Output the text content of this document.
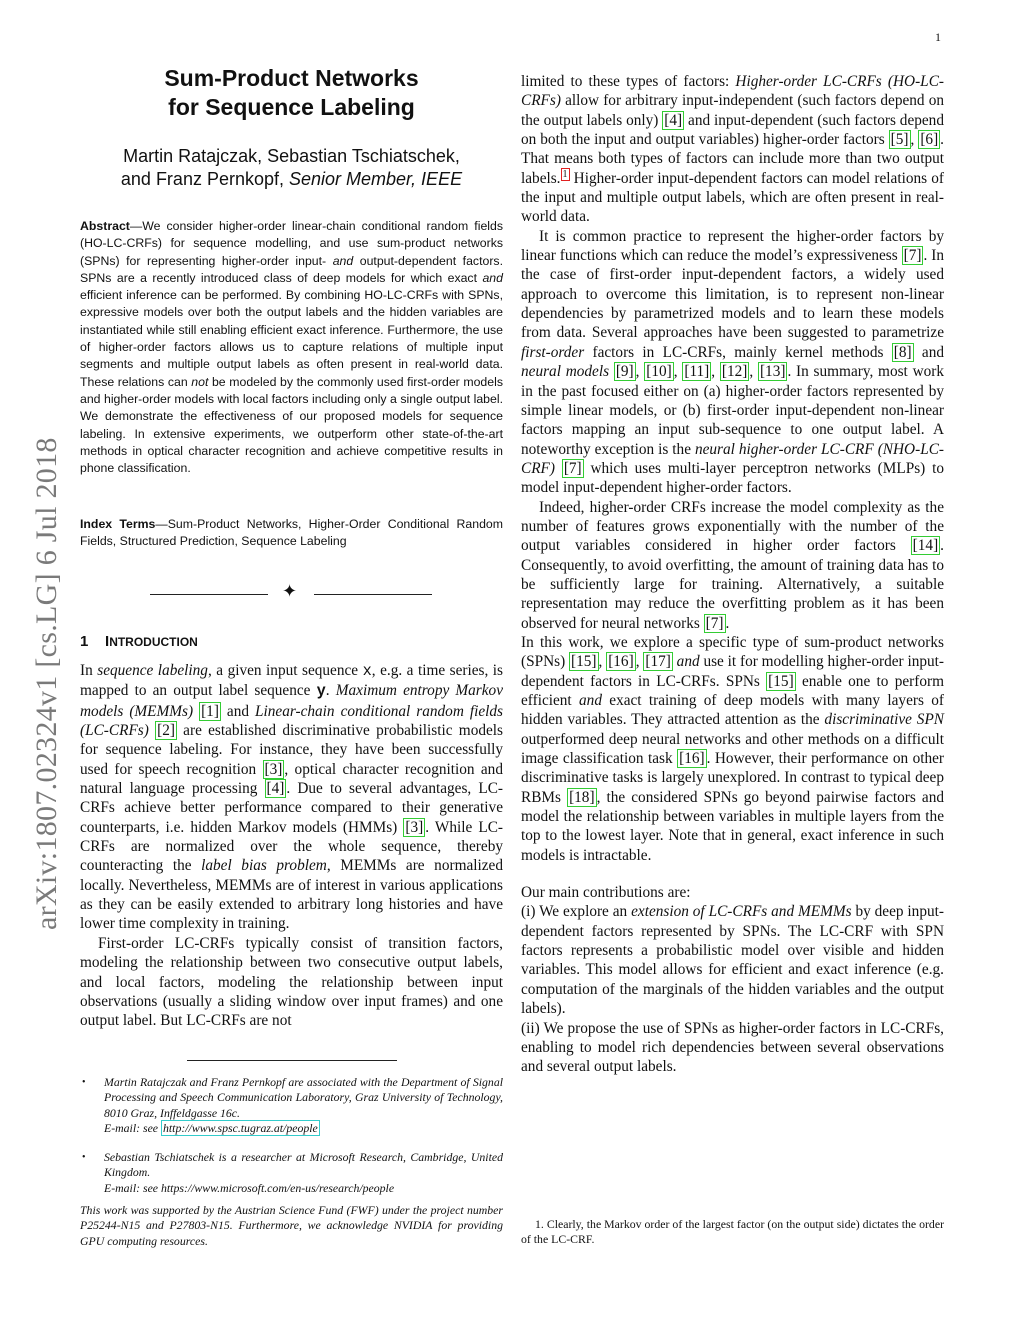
1
arXiv:1807.02324v1 [cs.LG] 6 Jul 2018
Sum-Product Networks
for Sequence Labeling
Martin Ratajczak, Sebastian Tschiatschek,
and Franz Pernkopf, Senior Member, IEEE
Abstract—We consider higher-order linear-chain conditional random fields (HO-LC-CRFs) for sequence modelling, and use sum-product networks (SPNs) for representing higher-order input- and output-dependent factors. SPNs are a recently introduced class of deep models for which exact and efficient inference can be performed. By combining HO-LC-CRFs with SPNs, expressive models over both the output labels and the hidden variables are instantiated while still enabling efficient exact inference. Furthermore, the use of higher-order factors allows us to capture relations of multiple input segments and multiple output labels as often present in real-world data. These relations can not be modeled by the commonly used first-order models and higher-order models with local factors including only a single output label. We demonstrate the effectiveness of our proposed models for sequence labeling. In extensive experiments, we outperform other state-of-the-art methods in optical character recognition and achieve competitive results in phone classification.
Index Terms—Sum-Product Networks, Higher-Order Conditional Random Fields, Structured Prediction, Sequence Labeling
✦
1 INTRODUCTION

In sequence labeling, a given input sequence x, e.g. a time series, is mapped to an output label sequence y. Maximum entropy Markov models (MEMMs) [1] and Linear-chain conditional random fields (LC-CRFs) [2] are established discriminative probabilistic models for sequence labeling. For instance, they have been successfully used for speech recognition [3] , optical character recognition and natural language processing [4] . Due to several advantages, LC-CRFs achieve better performance compared to their generative counterparts, i.e. hidden Markov models (HMMs) [3] . While LC-CRFs are normalized over the whole sequence, thereby counteracting the label bias problem, MEMMs are normalized locally. Nevertheless, MEMMs are of interest in various applications as they can be easily extended to arbitrary long histories and have lower time complexity in training.

First-order LC-CRFs typically consist of transition factors, modeling the relationship between two consecutive output labels, and local factors, modeling the relationship between input observations (usually a sliding window over input frames) and one output label. But LC-CRFs are not

• Martin Ratajczak and Franz Pernkopf are associated with the Department of Signal Processing and Speech Communication Laboratory, Graz University of Technology, 8010 Graz, Inffeldgasse 16c.
E-mail: see http://www.spsc.tugraz.at/people
• Sebastian Tschiatschek is a researcher at Microsoft Research, Cambridge, United Kingdom.
E-mail: see https://www.microsoft.com/en-us/research/people
This work was supported by the Austrian Science Fund (FWF) under the project number P25244-N15 and P27803-N15. Furthermore, we acknowledge NVIDIA for providing GPU computing resources.

limited to these types of factors: Higher-order LC-CRFs (HO-LC-CRFs) allow for arbitrary input-independent (such factors depend on the output labels only) [4] and input-dependent (such factors depend on both the input and output variables) higher-order factors [5] , [6] . That means both types of factors can include more than two output labels. $^1$ Higher-order input-dependent factors can model relations of the input and multiple output labels, which are often present in real-world data.

It is common practice to represent the higher-order factors by linear functions which can reduce the model’s expressiveness [7] . In the case of first-order input-dependent factors, a widely used approach to overcome this limitation, is to represent non-linear dependencies by parametrized models and to learn these models from data. Several approaches have been suggested to parametrize first-order factors in LC-CRFs, mainly kernel methods [8] and neural models [9] , [10] , [11] , [12] , [13] . In summary, most work in the past focused either on (a) higher-order factors represented by simple linear models, or (b) first-order input-dependent non-linear factors mapping an input sub-sequence to one output label. A noteworthy exception is the neural higher-order LC-CRF (NHO-LC-CRF) [7] which uses multi-layer perceptron networks (MLPs) to model input-dependent higher-order factors.

Indeed, higher-order CRFs increase the model complexity as the number of features grows exponentially with the number of the output variables considered in higher order factors [14] . Consequently, to avoid overfitting, the amount of training data has to be sufficiently large for training. Alternatively, a suitable representation may reduce the overfitting problem as it has been observed for neural networks [7] .

In this work, we explore a specific type of sum-product networks (SPNs) [15] , [16] , [17] and use it for modelling higher-order input-dependent factors in LC-CRFs. SPNs [15] enable one to perform efficient and exact training of deep models with many layers of hidden variables. They attracted attention as the discriminative SPN outperformed deep neural networks and other methods on a difficult image classification task [16] . However, their performance on other discriminative tasks is largely unexplored. In contrast to typical deep RBMs [18] , the considered SPNs go beyond pairwise factors and model the relationship between variables in multiple layers from the top to the lowest layer. Note that in general, exact inference in such models is intractable.

Our main contributions are:

(i) We explore an extension of LC-CRFs and MEMMs by deep input-dependent factors represented by SPNs. The LC-CRF with SPN factors represents a probabilistic model over visible and hidden variables. This model allows for efficient and exact inference (e.g. computation of the marginals of the hidden variables and the output labels).

(ii) We propose the use of SPNs as higher-order factors in LC-CRFs, enabling to model rich dependencies between several observations and several output labels.

1. Clearly, the Markov order of the largest factor (on the output side) dictates the order of the LC-CRF.
